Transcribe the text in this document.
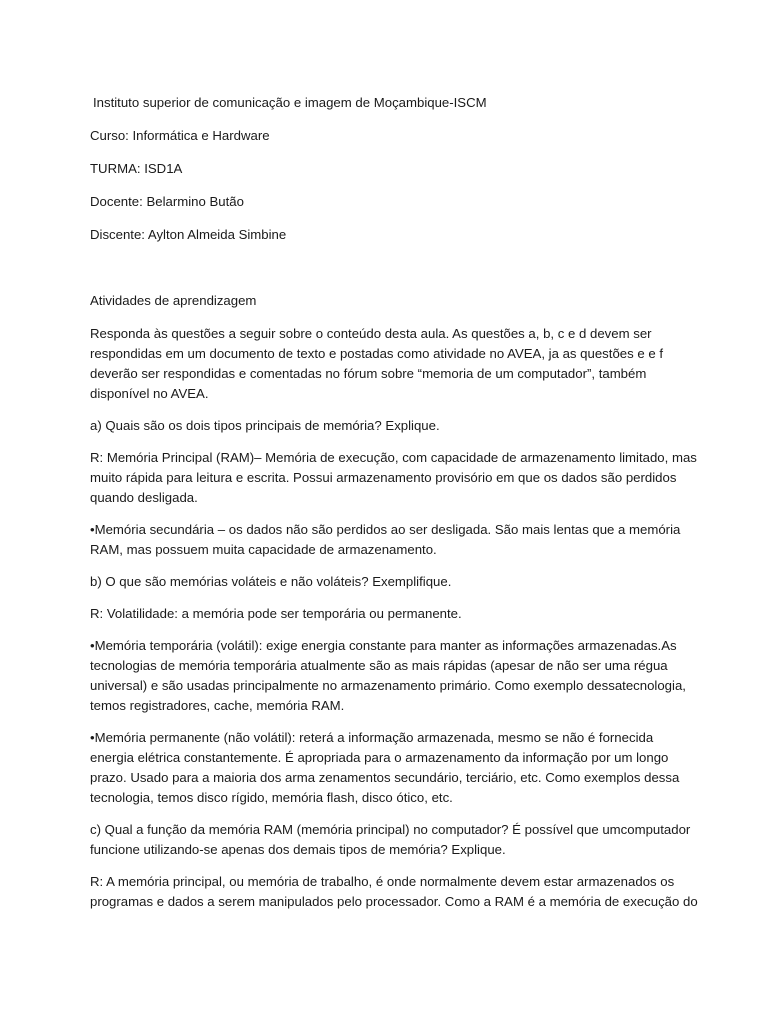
Instituto superior de comunicação e imagem de Moçambique-ISCM
Curso: Informática e Hardware
TURMA: ISD1A
Docente: Belarmino Butão
Discente: Aylton Almeida Simbine
Atividades de aprendizagem
Responda às questões a seguir sobre o conteúdo desta aula. As questões a, b, c e d devem ser
respondidas em um documento de texto e postadas como atividade no AVEA, ja as questões e e f
deverão ser respondidas e comentadas no fórum sobre “memoria de um computador”, também
disponível no AVEA.
a) Quais são os dois tipos principais de memória? Explique.
R: Memória Principal (RAM)– Memória de execução, com capacidade de armazenamento limitado, mas
muito rápida para leitura e escrita. Possui armazenamento provisório em que os dados são perdidos
quando desligada.
•Memória secundária – os dados não são perdidos ao ser desligada. São mais lentas que a memória
RAM, mas possuem muita capacidade de armazenamento.
b) O que são memórias voláteis e não voláteis? Exemplifique.
R: Volatilidade: a memória pode ser temporária ou permanente.
•Memória temporária (volátil): exige energia constante para manter as informações armazenadas.As
tecnologias de memória temporária atualmente são as mais rápidas (apesar de não ser uma régua
universal) e são usadas principalmente no armazenamento primário. Como exemplo dessatecnologia,
temos registradores, cache, memória RAM.
•Memória permanente (não volátil): reterá a informação armazenada, mesmo se não é fornecida
energia elétrica constantemente. É apropriada para o armazenamento da informação por um longo
prazo. Usado para a maioria dos arma zenamentos secundário, terciário, etc. Como exemplos dessa
tecnologia, temos disco rígido, memória flash, disco ótico, etc.
c) Qual a função da memória RAM (memória principal) no computador? É possível que umcomputador
funcione utilizando-se apenas dos demais tipos de memória? Explique.
R: A memória principal, ou memória de trabalho, é onde normalmente devem estar armazenados os
programas e dados a serem manipulados pelo processador. Como a RAM é a memória de execução do
